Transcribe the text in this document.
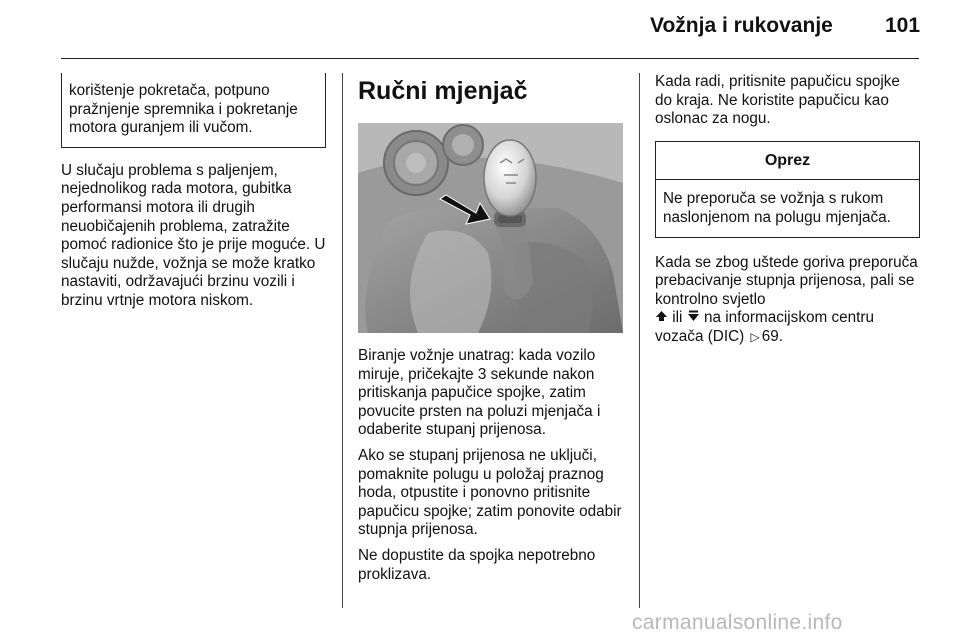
Vožnja i rukovanje 101
korištenje pokretača, potpuno pražnjenje spremnika i pokretanje motora guranjem ili vučom.

U slučaju problema s paljenjem, nejednolikog rada motora, gubitka performansi motora ili drugih neuobičajenih problema, zatražite pomoć radionice što je prije moguće. U slučaju nužde, vožnja se može kratko nastaviti, održavajući brzinu vozili i brzinu vrtnje motora niskom.

Ručni mjenjač

Biranje vožnje unatrag: kada vozilo miruje, pričekajte 3 sekunde nakon pritiskanja papučice spojke, zatim povucite prsten na poluzi mjenjača i odaberite stupanj prijenosa.

Ako se stupanj prijenosa ne uključi, pomaknite polugu u položaj praznog hoda, otpustite i ponovno pritisnite papučicu spojke; zatim ponovite odabir stupnja prijenosa.

Ne dopustite da spojka nepotrebno proklizava.

Kada radi, pritisnite papučicu spojke do kraja. Ne koristite papučicu kao oslonac za nogu.

Oprez
Ne preporuča se vožnja s rukom naslonjenom na polugu mjenjača.

Kada se zbog uštede goriva preporuča prebacivanje stupnja prijenosa, pali se kontrolno svjetlo
ili na informacijskom centru vozača (DIC) ▷ 69.

carmanualsonline.info
